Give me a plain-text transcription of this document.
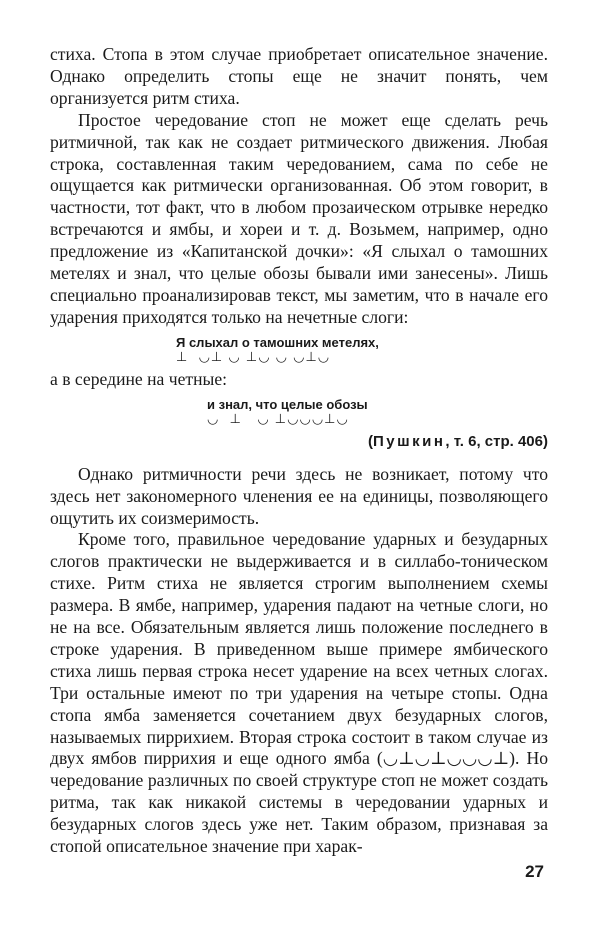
стиха. Стопа в этом случае приобретает описательное значение. Однако определить стопы еще не значит понять, чем организуется ритм стиха.

Простое чередование стоп не может еще сделать речь ритмичной, так как не создает ритмического движения. Любая строка, составленная таким чередованием, сама по себе не ощущается как ритмически организованная. Об этом говорит, в частности, тот факт, что в любом прозаическом отрывке нередко встречаются и ямбы, и хореи и т. д. Возьмем, например, одно предложение из «Капитанской дочки»: «Я слыхал о тамошних метелях и знал, что целые обозы бывали ими занесены». Лишь специально проанализировав текст, мы заметим, что в начале его ударения приходятся только на нечетные слоги:

Я слыхал о тамошних метелях,

⊥  ◡⊥ ◡ ⊥◡ ◡ ◡⊥◡

а в середине на четные:

и знал, что целые обозы

◡  ⊥   ◡ ⊥◡◡◡⊥◡

(Пушкин, т. 6, стр. 406)

Однако ритмичности речи здесь не возникает, потому что здесь нет закономерного членения ее на единицы, позволяющего ощутить их соизмеримость.

Кроме того, правильное чередование ударных и безударных слогов практически не выдерживается и в силлабо-тоническом стихе. Ритм стиха не является строгим выполнением схемы размера. В ямбе, например, ударения падают на четные слоги, но не на все. Обязательным является лишь положение последнего в строке ударения. В приведенном выше примере ямбического стиха лишь первая строка несет ударение на всех четных слогах. Три остальные имеют по три ударения на четыре стопы. Одна стопа ямба заменяется сочетанием двух безударных слогов, называемых пиррихием. Вторая строка состоит в таком случае из двух ямбов пиррихия и еще одного ямба (◡⊥◡⊥◡◡◡⊥). Но чередование различных по своей структуре стоп не может создать ритма, так как никакой системы в чередовании ударных и безударных слогов здесь уже нет. Таким образом, признавая за стопой описательное значение при харак-

27
